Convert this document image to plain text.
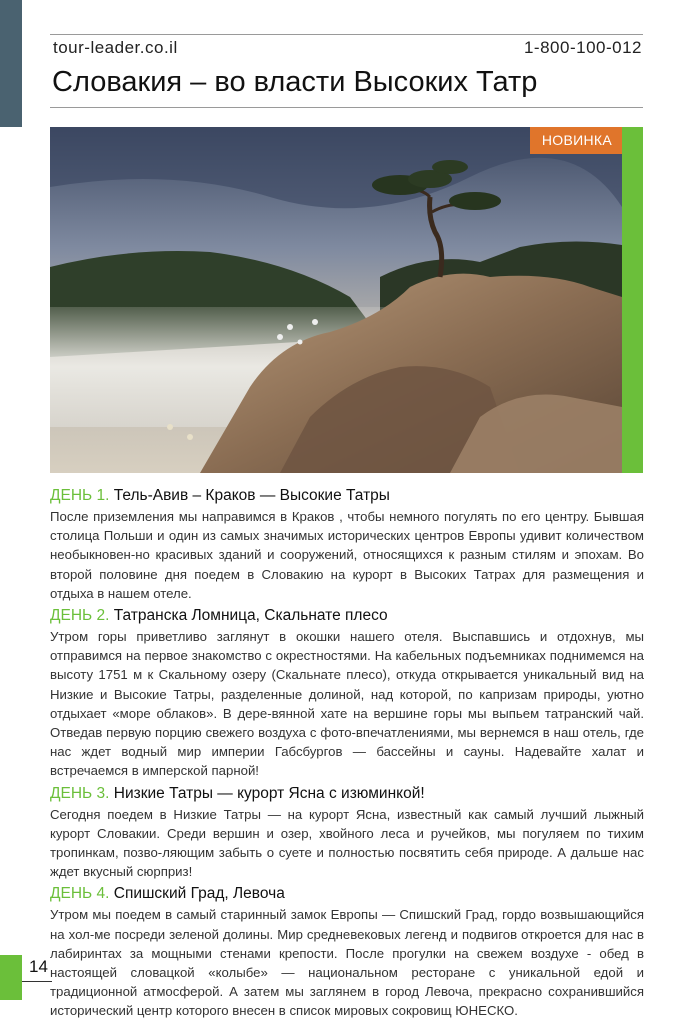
tour-leader.co.il	1-800-100-012
Словакия – во власти Высоких Татр
НОВИНКА
ДЕНЬ 1. Тель-Авив – Краков — Высокие Татры

После приземления мы направимся в Краков , чтобы немного погулять по его центру. Бывшая столица Польши и один из самых значимых исторических центров Европы удивит количеством необыкновен-но красивых зданий и сооружений, относящихся к разным стилям и эпохам. Во второй половине дня поедем в Словакию на курорт в Высоких Татрах для размещения и отдыха в нашем отеле.

ДЕНЬ 2. Татранска Ломница, Скальнате плесо

Утром горы приветливо заглянут в окошки нашего отеля. Выспавшись и отдохнув, мы отправимся на первое знакомство с окрестностями. На кабельных подъемниках поднимемся на высоту 1751 м к Скальному озеру (Скальнате плесо), откуда открывается уникальный вид на Низкие и Высокие Татры, разделенные долиной, над которой, по капризам природы, уютно отдыхает «море облаков». В дере-вянной хате на вершине горы мы выпьем татранский чай. Отведав первую порцию свежего воздуха с фото-впечатлениями, мы вернемся в наш отель, где нас ждет водный мир империи Габсбургов — бассейны и сауны. Надевайте халат и встречаемся в имперской парной!

ДЕНЬ 3. Низкие Татры — курорт Ясна с изюминкой!

Сегодня поедем в Низкие Татры — на курорт Ясна, известный как самый лучший лыжный курорт Словакии. Среди вершин и озер, хвойного леса и ручейков, мы погуляем по тихим тропинкам, позво-ляющим забыть о суете и полностью посвятить себя природе. А дальше нас ждет вкусный сюрприз!

ДЕНЬ 4. Спишский Град, Левоча

Утром мы поедем в самый старинный замок Европы — Спишский Град, гордо возвышающийся на хол-ме посреди зеленой долины. Мир средневековых легенд и подвигов откроется для нас в лабиринтах за мощными стенами крепости. После прогулки на свежем воздухе - обед в настоящей словацкой «колыбе» — национальном ресторане с уникальной едой и традиционной атмосферой. А затем мы заглянем в город Левоча, прекрасно сохранившийся исторический центр которого внесен в список мировых сокровищ ЮНЕСКО.

14
